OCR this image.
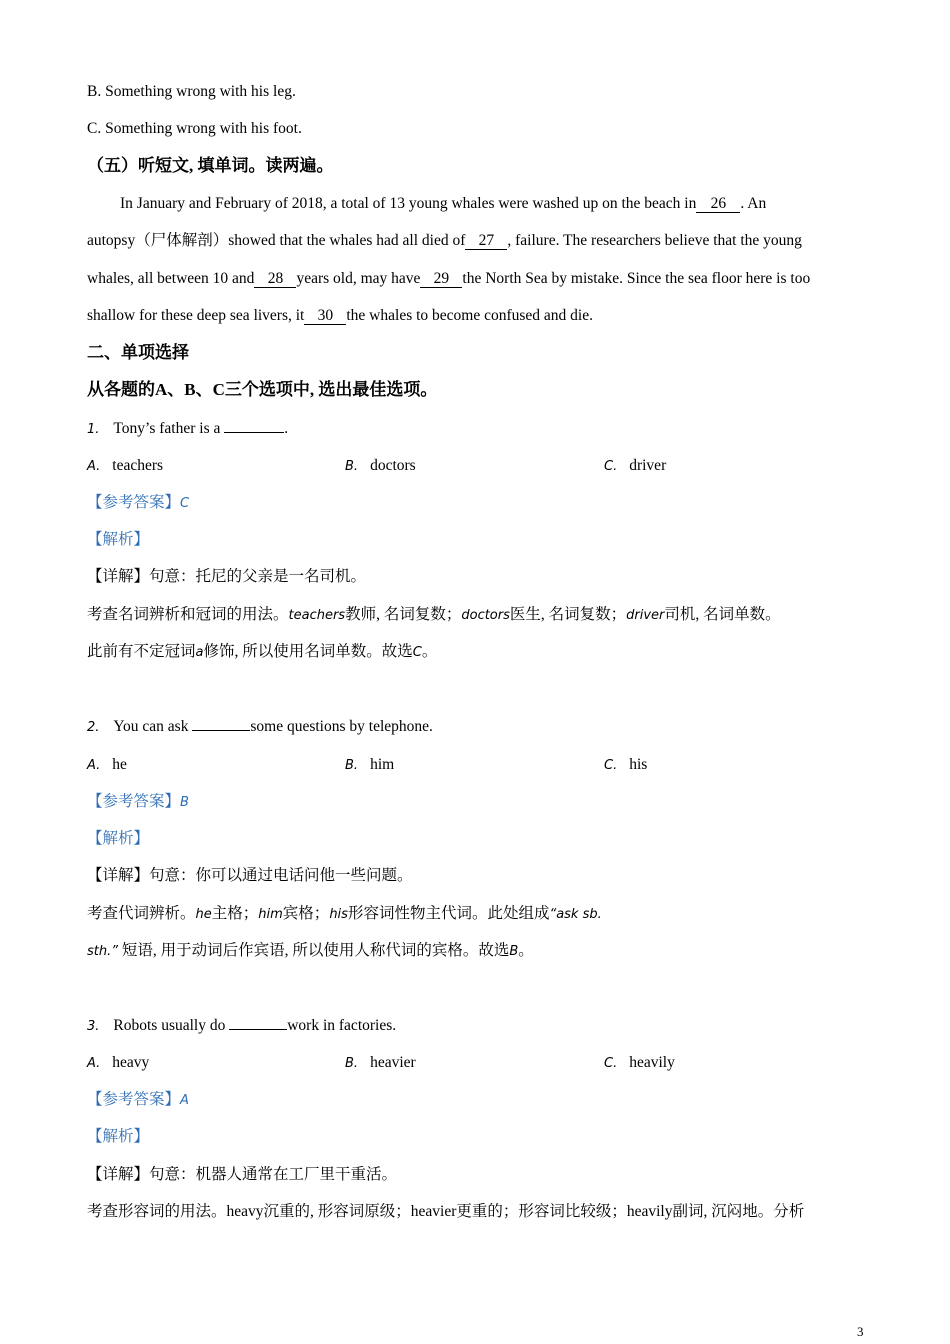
B. Something wrong with his leg.
C. Something wrong with his foot.
（五）听短文, 填单词。读两遍。
In January and February of 2018, a total of 13 young whales were washed up on the beach in 26 . An
autopsy（尸体解剖）showed that the whales had all died of 27 , failure. The researchers believe that the young
whales, all between 10 and 28 years old, may have 29 the North Sea by mistake. Since the sea floor here is too
shallow for these deep sea livers, it 30 the whales to become confused and die.
二、单项选择
从各题的A、B、C三个选项中, 选出最佳选项。
1. Tony’s father is a	.
A. teachers	B. doctors	C. driver
【参考答案】C
【解析】
【详解】句意：托尼的父亲是一名司机。
考查名词辨析和冠词的用法。teachers教师, 名词复数；doctors医生, 名词复数；driver司机, 名词单数。
此前有不定冠词a修饰, 所以使用名词单数。故选C。
2. You can ask	some questions by telephone.
A. he	B. him	C. his
【参考答案】B
【解析】
【详解】句意：你可以通过电话问他一些问题。
考查代词辨析。he主格；him宾格；his形容词性物主代词。此处组成“ask sb.
sth.” 短语, 用于动词后作宾语, 所以使用人称代词的宾格。故选B。
3. Robots usually do	work in factories.
A. heavy	B. heavier	C. heavily
【参考答案】A
【解析】
【详解】句意：机器人通常在工厂里干重活。
考查形容词的用法。heavy沉重的, 形容词原级；heavier更重的；形容词比较级；heavily副词, 沉闷地。分析
3
